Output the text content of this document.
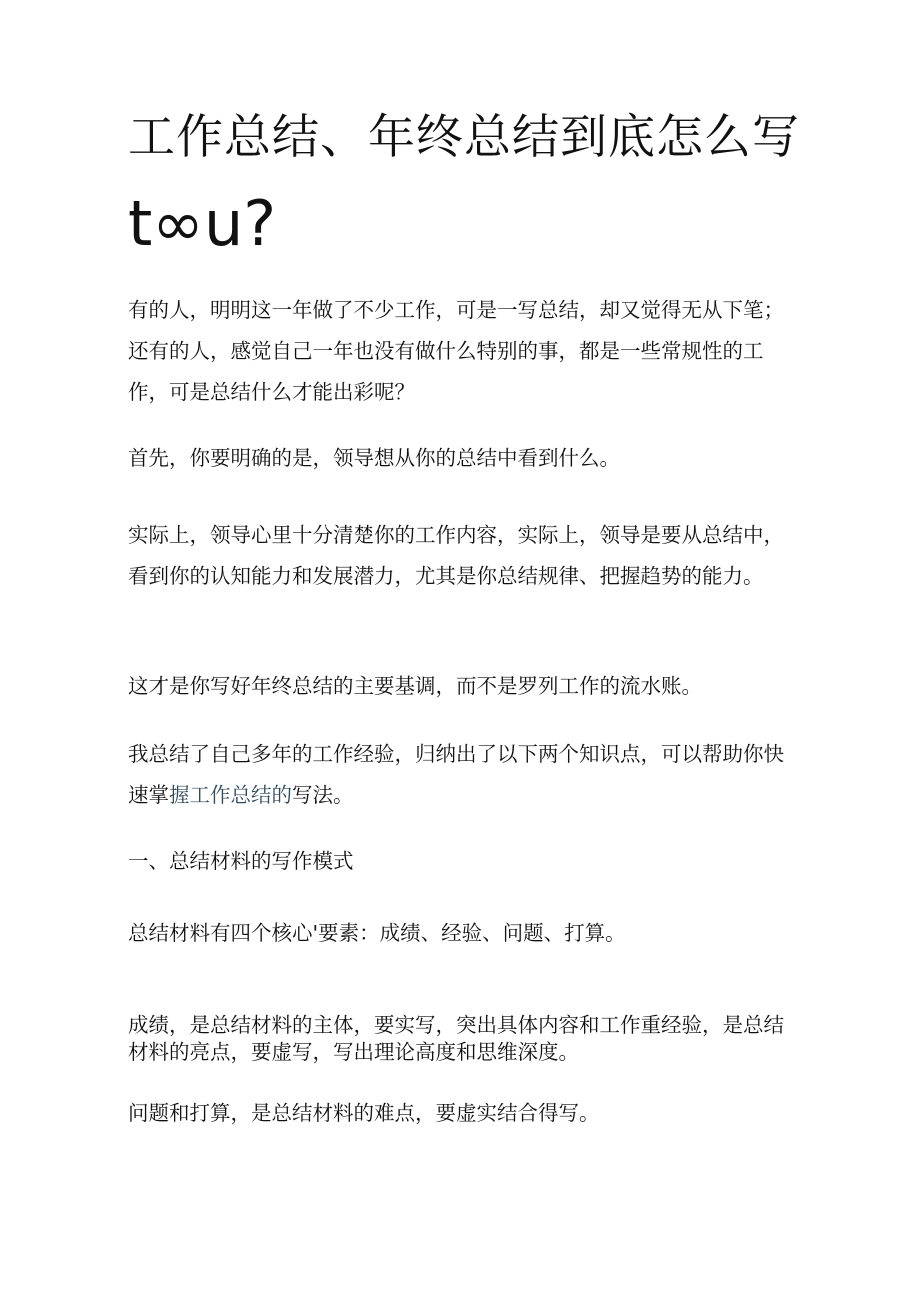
工作总结、年终总结到底怎么写
t∞u?

有的人，明明这一年做了不少工作，可是一写总结，却又觉得无从下笔；还有的人，感觉自己一年也没有做什么特别的事，都是一些常规性的工作，可是总结什么才能出彩呢？

首先，你要明确的是，领导想从你的总结中看到什么。

实际上，领导心里十分清楚你的工作内容，实际上，领导是要从总结中，看到你的认知能力和发展潜力，尤其是你总结规律、把握趋势的能力。

这才是你写好年终总结的主要基调，而不是罗列工作的流水账。

我总结了自己多年的工作经验，归纳出了以下两个知识点，可以帮助你快速掌握工作总结的写法。

一、总结材料的写作模式

总结材料有四个核心'要素：成绩、经验、问题、打算。

成绩，是总结材料的主体，要实写，突出具体内容和工作重经验，是总结材料的亮点，要虚写，写出理论高度和思维深度。

问题和打算，是总结材料的难点，要虚实结合得写。
